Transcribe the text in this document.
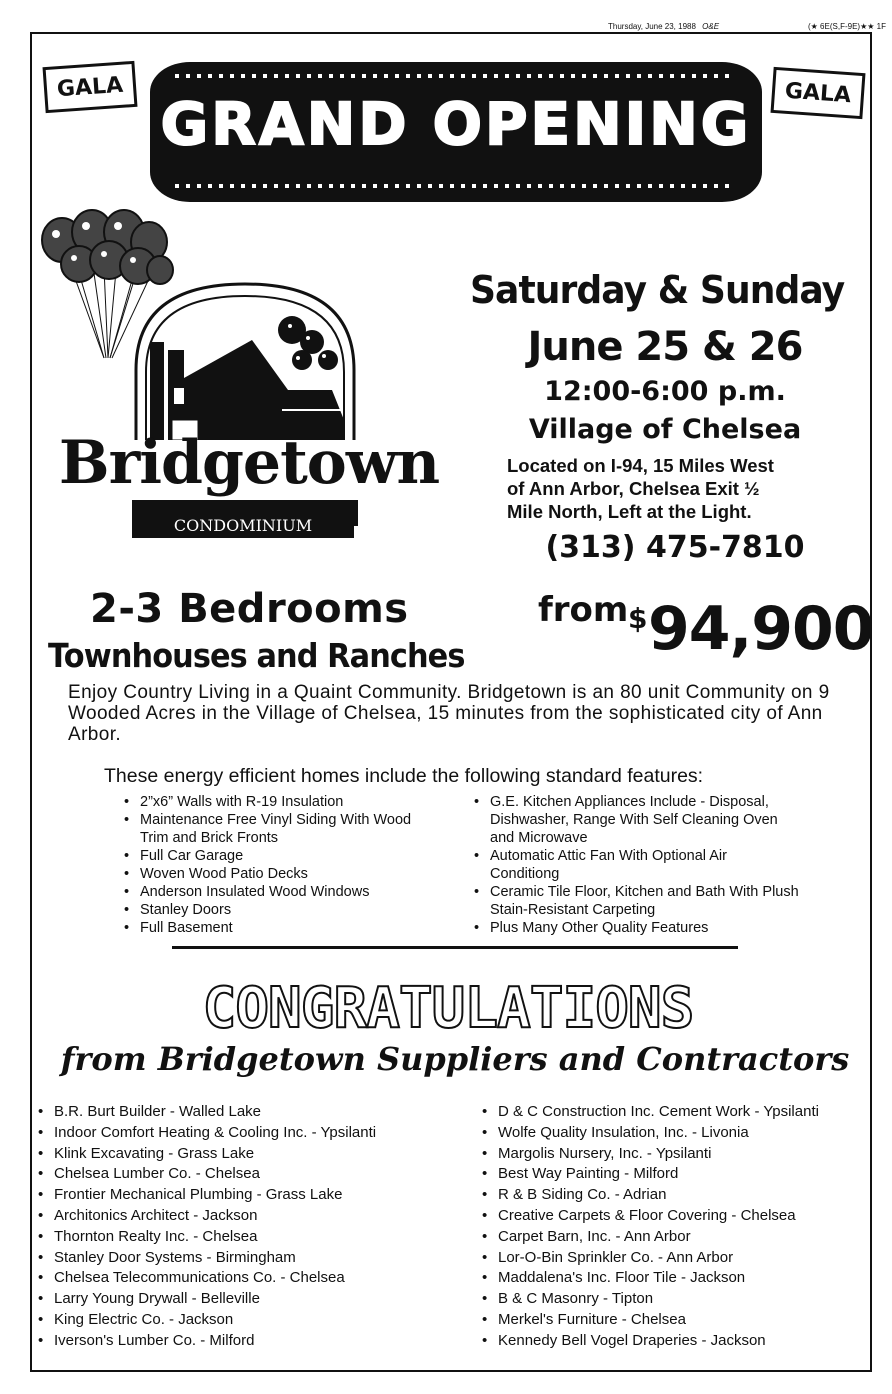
Thursday, June 23, 1988 O&E	(★ 6E(S,F-9E)★★ 1F
GALA	GALA
GRAND OPENING
Bridgetown
CONDOMINIUM
Saturday & Sunday
June 25 & 26
12:00-6:00 p.m.
Village of Chelsea
Located on I-94, 15 Miles West
of Ann Arbor, Chelsea Exit ½
Mile North, Left at the Light.
(313) 475-7810
2-3 Bedrooms
Townhouses and Ranches
from $ 94,900
Enjoy Country Living in a Quaint Community. Bridgetown is an 80 unit Community on 9 Wooded Acres in the Village of Chelsea, 15 minutes from the sophisticated city of Ann Arbor.
These energy efficient homes include the following standard features:
• 2”x6” Walls with R-19 Insulation
• Maintenance Free Vinyl Siding With Wood Trim and Brick Fronts
• Full Car Garage
• Woven Wood Patio Decks
• Anderson Insulated Wood Windows
• Stanley Doors
• Full Basement
• G.E. Kitchen Appliances Include - Disposal, Dishwasher, Range With Self Cleaning Oven and Microwave
• Automatic Attic Fan With Optional Air Conditiong
• Ceramic Tile Floor, Kitchen and Bath With Plush Stain-Resistant Carpeting
• Plus Many Other Quality Features
CONGRATULATIONS
from Bridgetown Suppliers and Contractors
• B.R. Burt Builder - Walled Lake
• Indoor Comfort Heating & Cooling Inc. - Ypsilanti
• Klink Excavating - Grass Lake
• Chelsea Lumber Co. - Chelsea
• Frontier Mechanical Plumbing - Grass Lake
• Architonics Architect - Jackson
• Thornton Realty Inc. - Chelsea
• Stanley Door Systems - Birmingham
• Chelsea Telecommunications Co. - Chelsea
• Larry Young Drywall - Belleville
• King Electric Co. - Jackson
• Iverson's Lumber Co. - Milford
• D & C Construction Inc. Cement Work - Ypsilanti
• Wolfe Quality Insulation, Inc. - Livonia
• Margolis Nursery, Inc. - Ypsilanti
• Best Way Painting - Milford
• R & B Siding Co. - Adrian
• Creative Carpets & Floor Covering - Chelsea
• Carpet Barn, Inc. - Ann Arbor
• Lor-O-Bin Sprinkler Co. - Ann Arbor
• Maddalena's Inc. Floor Tile - Jackson
• B & C Masonry - Tipton
• Merkel's Furniture - Chelsea
• Kennedy Bell Vogel Draperies - Jackson
